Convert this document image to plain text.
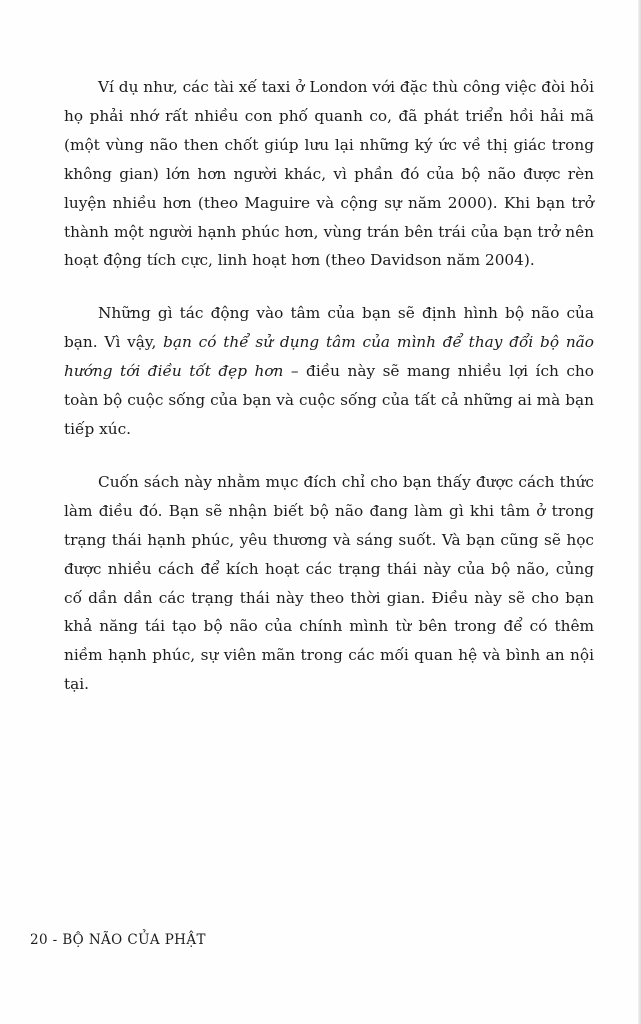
Ví dụ như, các tài xế taxi ở London với đặc thù công việc đòi hỏi họ phải nhớ rất nhiều con phố quanh co, đã phát triển hồi hải mã (một vùng não then chốt giúp lưu lại những ký ức về thị giác trong không gian) lớn hơn người khác, vì phần đó của bộ não được rèn luyện nhiều hơn (theo Maguire và cộng sự năm 2000). Khi bạn trở thành một người hạnh phúc hơn, vùng trán bên trái của bạn trở nên hoạt động tích cực, linh hoạt hơn (theo Davidson năm 2004).

Những gì tác động vào tâm của bạn sẽ định hình bộ não của bạn. Vì vậy, bạn có thể sử dụng tâm của mình để thay đổi bộ não hướng tới điều tốt đẹp hơn – điều này sẽ mang nhiều lợi ích cho toàn bộ cuộc sống của bạn và cuộc sống của tất cả những ai mà bạn tiếp xúc.

Cuốn sách này nhằm mục đích chỉ cho bạn thấy được cách thức làm điều đó. Bạn sẽ nhận biết bộ não đang làm gì khi tâm ở trong trạng thái hạnh phúc, yêu thương và sáng suốt. Và bạn cũng sẽ học được nhiều cách để kích hoạt các trạng thái này của bộ não, củng cố dần dần các trạng thái này theo thời gian. Điều này sẽ cho bạn khả năng tái tạo bộ não của chính mình từ bên trong để có thêm niềm hạnh phúc, sự viên mãn trong các mối quan hệ và bình an nội tại.

20 - BỘ NÃO CỦA PHẬT
